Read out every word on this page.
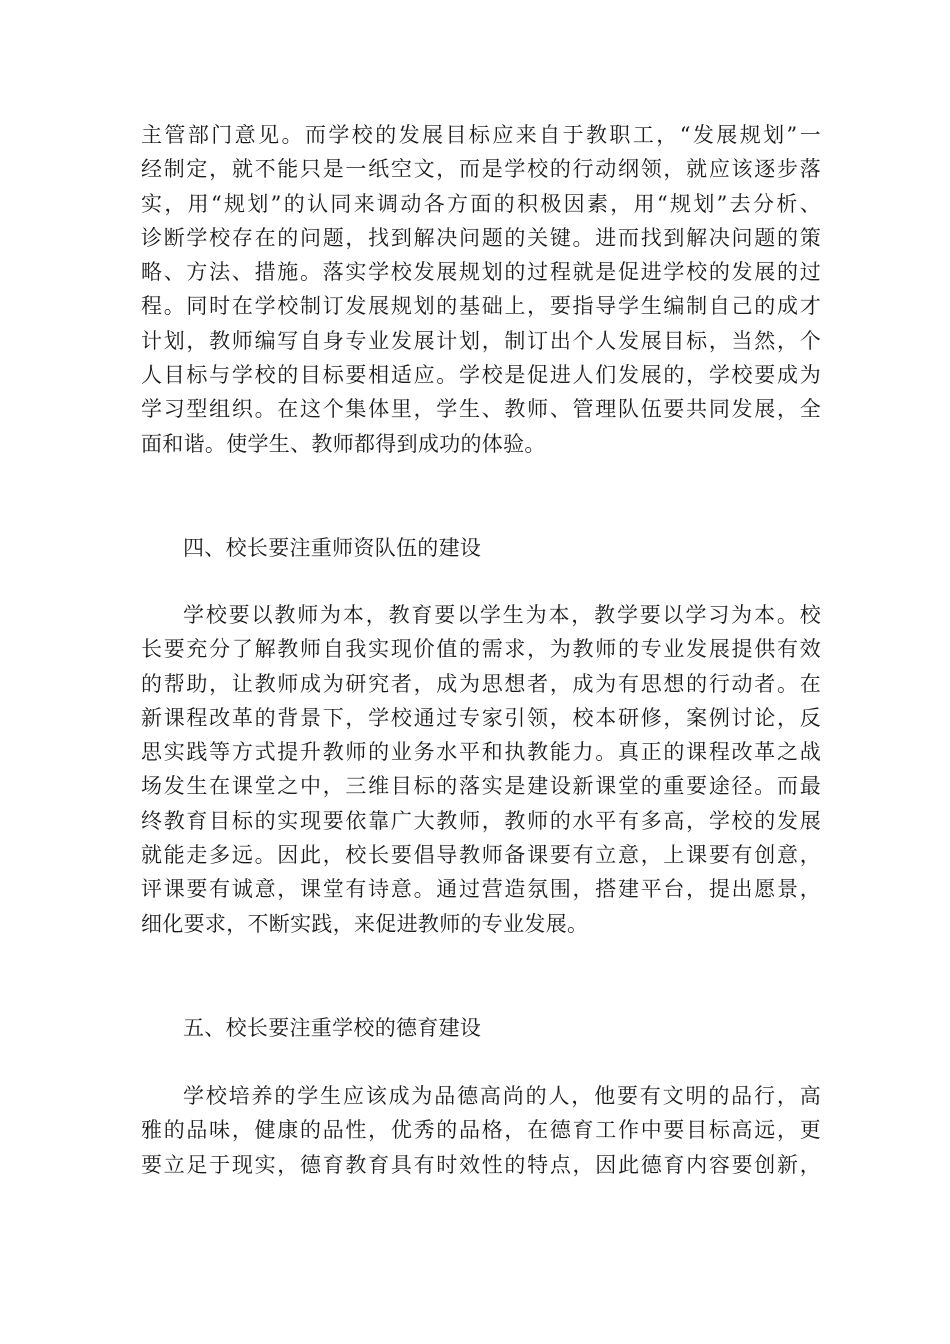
主管部门意见。而学校的发展目标应来自于教职工，“发展规划”一
经制定，就不能只是一纸空文，而是学校的行动纲领，就应该逐步落
实，用“规划”的认同来调动各方面的积极因素，用“规划”去分析、
诊断学校存在的问题，找到解决问题的关键。进而找到解决问题的策
略、方法、措施。落实学校发展规划的过程就是促进学校的发展的过
程。同时在学校制订发展规划的基础上，要指导学生编制自己的成才
计划，教师编写自身专业发展计划，制订出个人发展目标，当然，个
人目标与学校的目标要相适应。学校是促进人们发展的，学校要成为
学习型组织。在这个集体里，学生、教师、管理队伍要共同发展，全
面和谐。使学生、教师都得到成功的体验。
四、校长要注重师资队伍的建设
学校要以教师为本，教育要以学生为本，教学要以学习为本。校
长要充分了解教师自我实现价值的需求，为教师的专业发展提供有效
的帮助，让教师成为研究者，成为思想者，成为有思想的行动者。在
新课程改革的背景下，学校通过专家引领，校本研修，案例讨论，反
思实践等方式提升教师的业务水平和执教能力。真正的课程改革之战
场发生在课堂之中，三维目标的落实是建设新课堂的重要途径。而最
终教育目标的实现要依靠广大教师，教师的水平有多高，学校的发展
就能走多远。因此，校长要倡导教师备课要有立意，上课要有创意，
评课要有诚意，课堂有诗意。通过营造氛围，搭建平台，提出愿景，
细化要求，不断实践，来促进教师的专业发展。
五、校长要注重学校的德育建设
学校培养的学生应该成为品德高尚的人，他要有文明的品行，高
雅的品味，健康的品性，优秀的品格，在德育工作中要目标高远，更
要立足于现实，德育教育具有时效性的特点，因此德育内容要创新，
